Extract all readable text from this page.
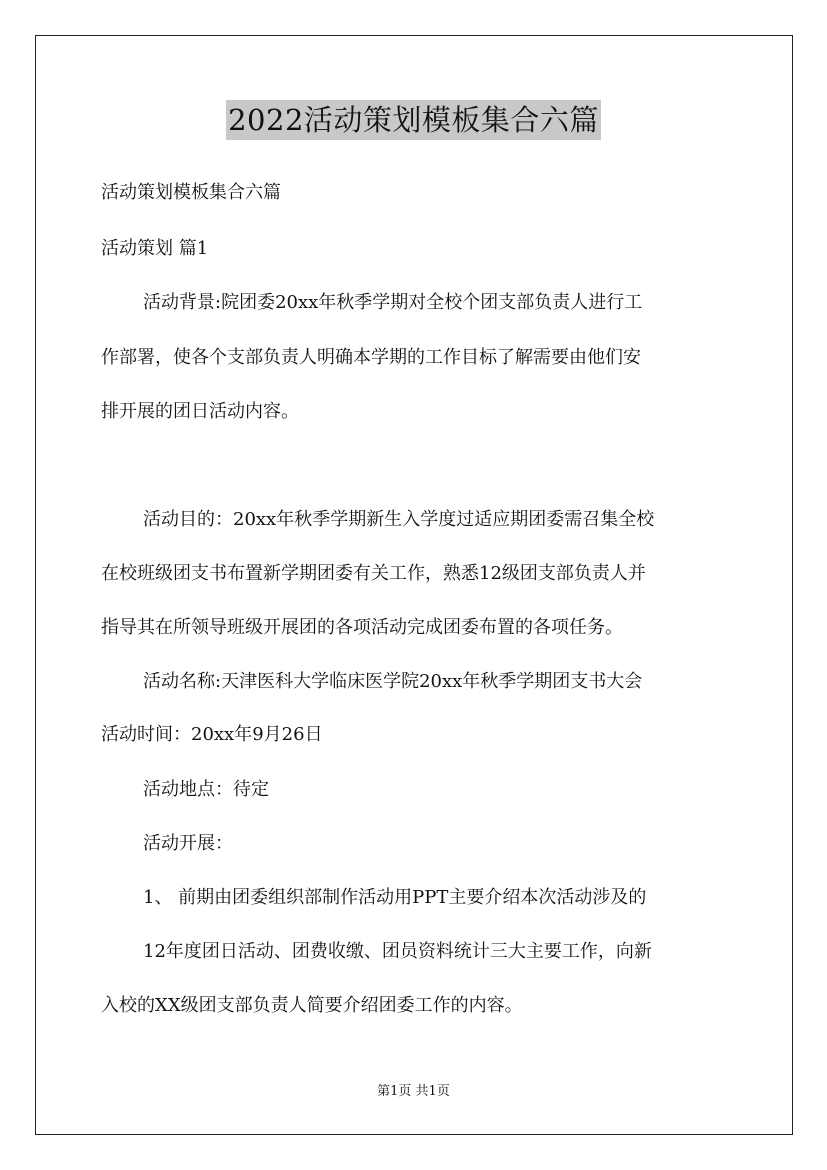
2022活动策划模板集合六篇

活动策划模板集合六篇

活动策划 篇1

活动背景:院团委20xx年秋季学期对全校个团支部负责人进行工

作部署，使各个支部负责人明确本学期的工作目标了解需要由他们安

排开展的团日活动内容。

活动目的：20xx年秋季学期新生入学度过适应期团委需召集全校

在校班级团支书布置新学期团委有关工作，熟悉12级团支部负责人并

指导其在所领导班级开展团的各项活动完成团委布置的各项任务。

活动名称:天津医科大学临床医学院20xx年秋季学期团支书大会

活动时间：20xx年9月26日

活动地点：待定

活动开展：

1、 前期由团委组织部制作活动用PPT主要介绍本次活动涉及的

12年度团日活动、团费收缴、团员资料统计三大主要工作，向新

入校的XX级团支部负责人简要介绍团委工作的内容。

第1页 共1页
